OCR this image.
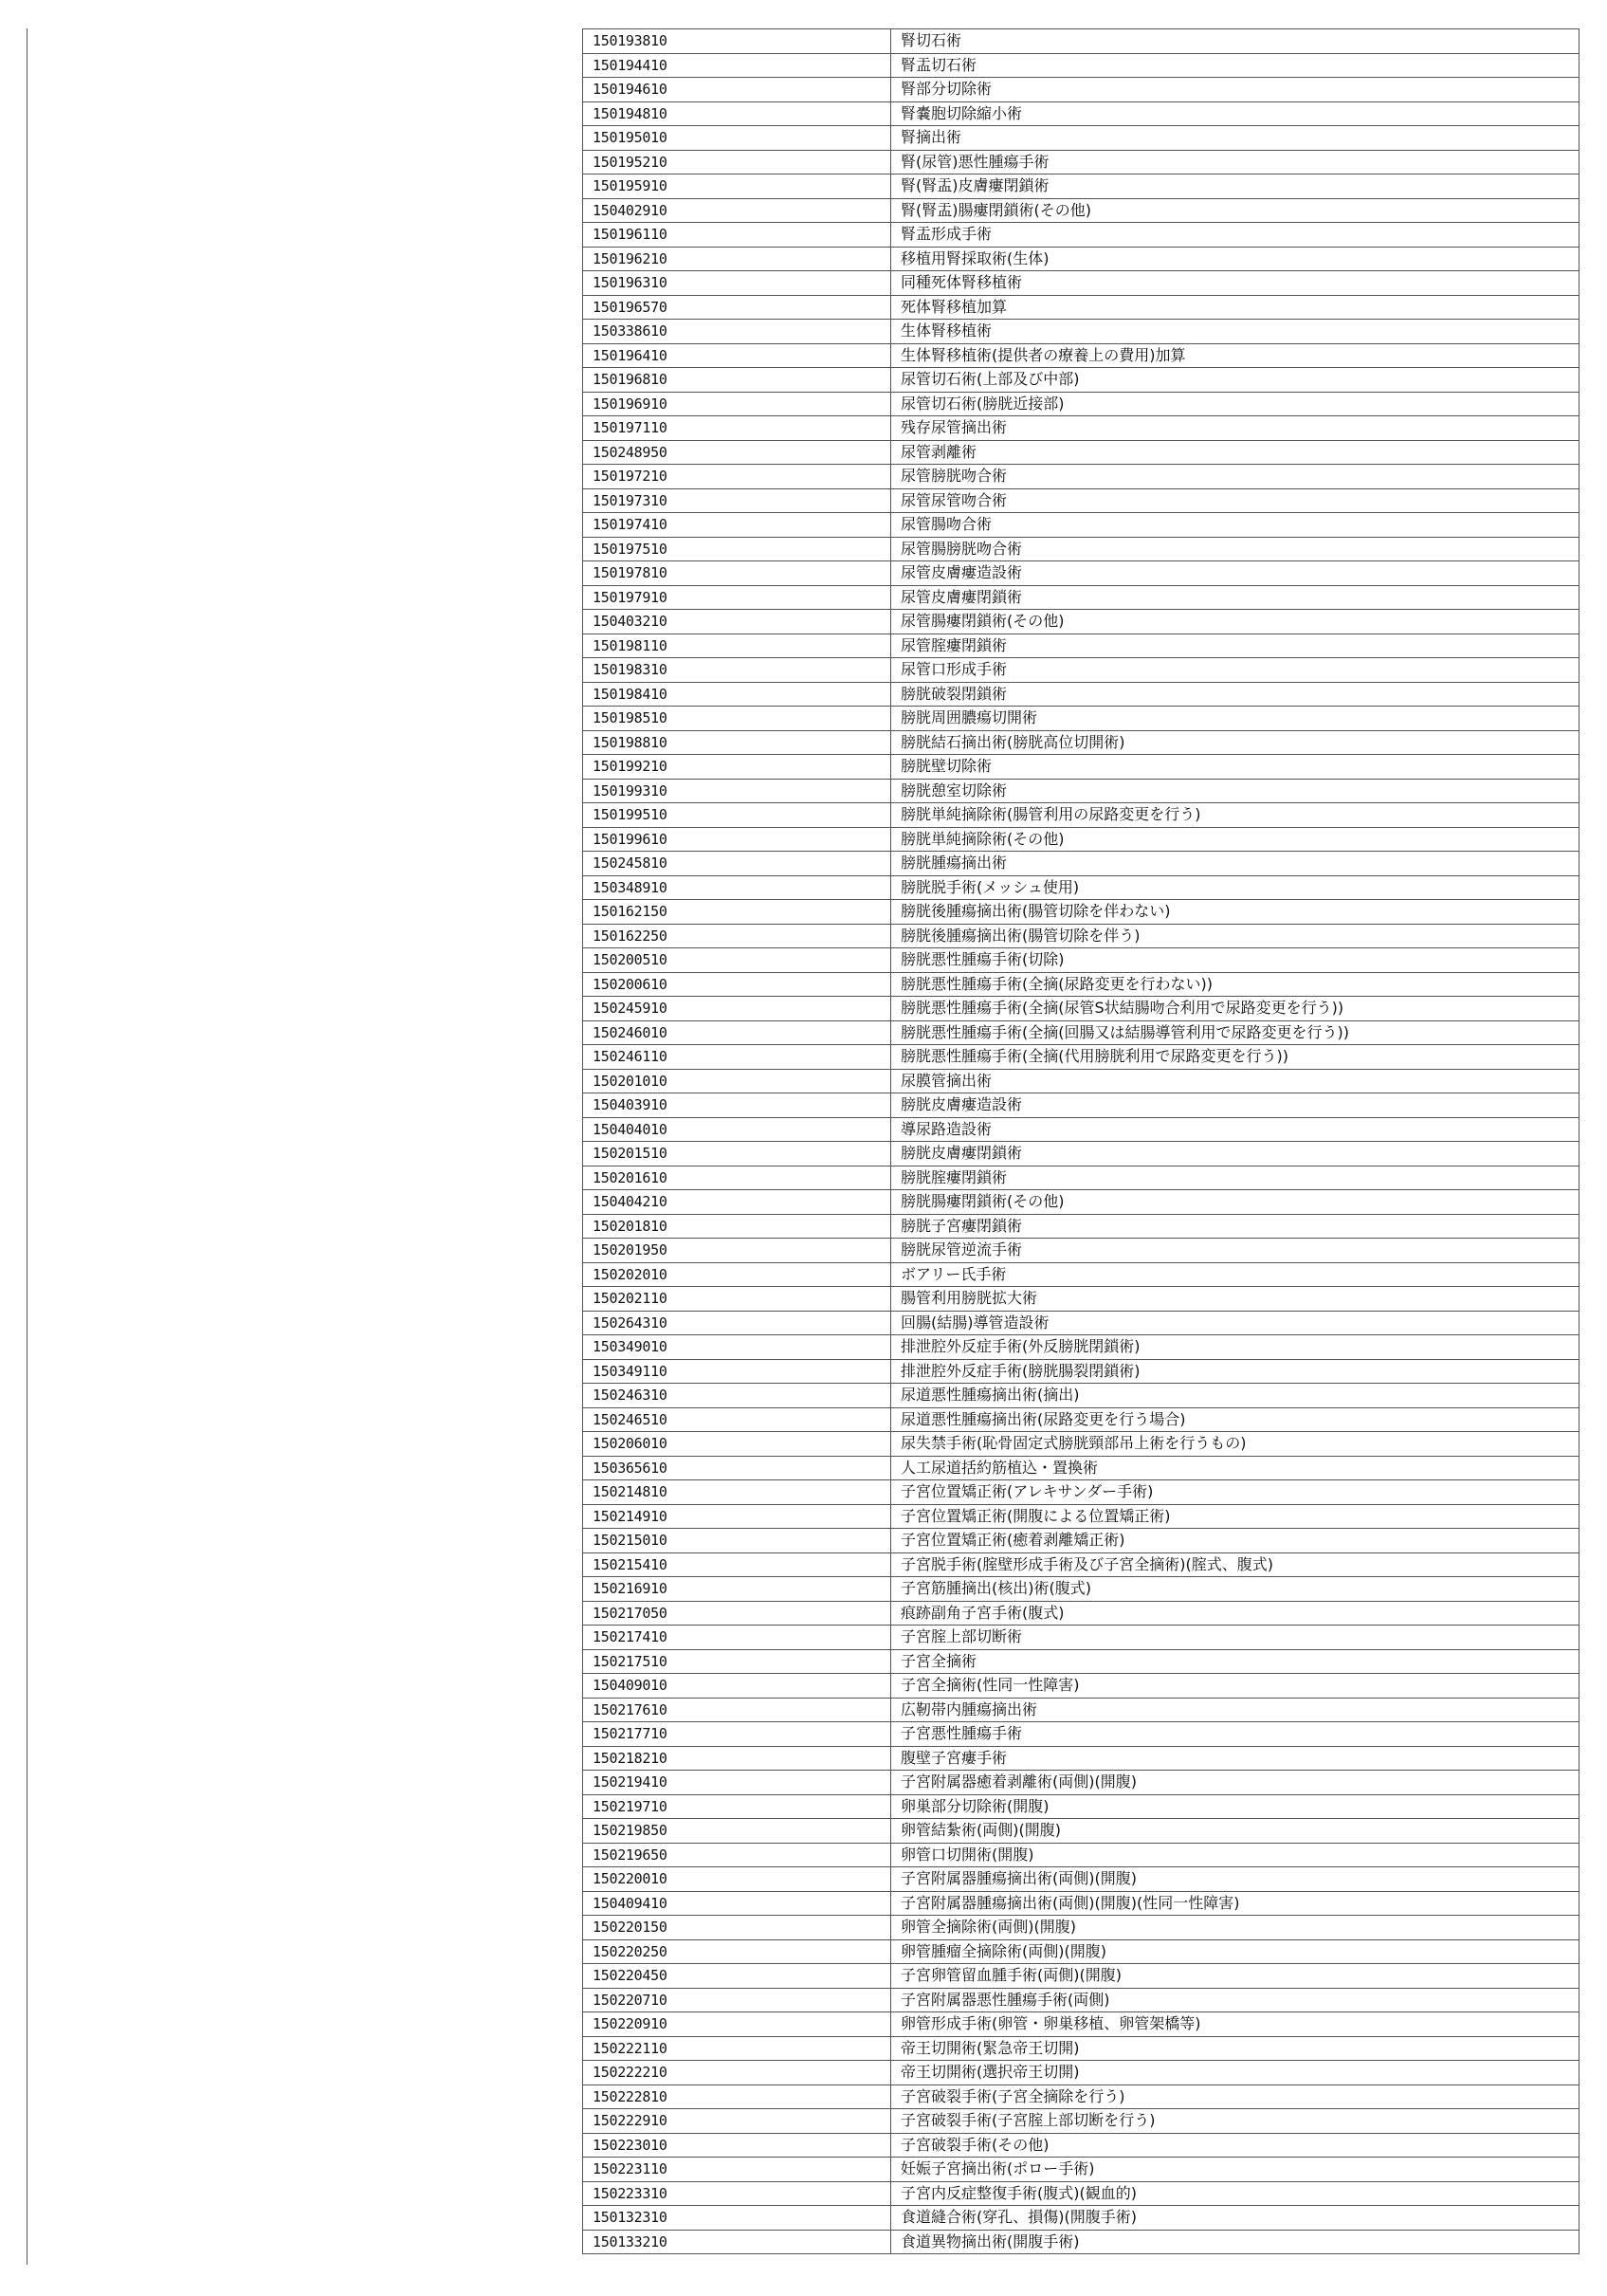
150193810	腎切石術
150194410	腎盂切石術
150194610	腎部分切除術
150194810	腎嚢胞切除縮小術
150195010	腎摘出術
150195210	腎(尿管)悪性腫瘍手術
150195910	腎(腎盂)皮膚瘻閉鎖術
150402910	腎(腎盂)腸瘻閉鎖術(その他)
150196110	腎盂形成手術
150196210	移植用腎採取術(生体)
150196310	同種死体腎移植術
150196570	死体腎移植加算
150338610	生体腎移植術
150196410	生体腎移植術(提供者の療養上の費用)加算
150196810	尿管切石術(上部及び中部)
150196910	尿管切石術(膀胱近接部)
150197110	残存尿管摘出術
150248950	尿管剥離術
150197210	尿管膀胱吻合術
150197310	尿管尿管吻合術
150197410	尿管腸吻合術
150197510	尿管腸膀胱吻合術
150197810	尿管皮膚瘻造設術
150197910	尿管皮膚瘻閉鎖術
150403210	尿管腸瘻閉鎖術(その他)
150198110	尿管腟瘻閉鎖術
150198310	尿管口形成手術
150198410	膀胱破裂閉鎖術
150198510	膀胱周囲膿瘍切開術
150198810	膀胱結石摘出術(膀胱高位切開術)
150199210	膀胱壁切除術
150199310	膀胱憩室切除術
150199510	膀胱単純摘除術(腸管利用の尿路変更を行う)
150199610	膀胱単純摘除術(その他)
150245810	膀胱腫瘍摘出術
150348910	膀胱脱手術(メッシュ使用)
150162150	膀胱後腫瘍摘出術(腸管切除を伴わない)
150162250	膀胱後腫瘍摘出術(腸管切除を伴う)
150200510	膀胱悪性腫瘍手術(切除)
150200610	膀胱悪性腫瘍手術(全摘(尿路変更を行わない))
150245910	膀胱悪性腫瘍手術(全摘(尿管S状結腸吻合利用で尿路変更を行う))
150246010	膀胱悪性腫瘍手術(全摘(回腸又は結腸導管利用で尿路変更を行う))
150246110	膀胱悪性腫瘍手術(全摘(代用膀胱利用で尿路変更を行う))
150201010	尿膜管摘出術
150403910	膀胱皮膚瘻造設術
150404010	導尿路造設術
150201510	膀胱皮膚瘻閉鎖術
150201610	膀胱腟瘻閉鎖術
150404210	膀胱腸瘻閉鎖術(その他)
150201810	膀胱子宮瘻閉鎖術
150201950	膀胱尿管逆流手術
150202010	ボアリー氏手術
150202110	腸管利用膀胱拡大術
150264310	回腸(結腸)導管造設術
150349010	排泄腔外反症手術(外反膀胱閉鎖術)
150349110	排泄腔外反症手術(膀胱腸裂閉鎖術)
150246310	尿道悪性腫瘍摘出術(摘出)
150246510	尿道悪性腫瘍摘出術(尿路変更を行う場合)
150206010	尿失禁手術(恥骨固定式膀胱頸部吊上術を行うもの)
150365610	人工尿道括約筋植込・置換術
150214810	子宮位置矯正術(アレキサンダー手術)
150214910	子宮位置矯正術(開腹による位置矯正術)
150215010	子宮位置矯正術(癒着剥離矯正術)
150215410	子宮脱手術(腟壁形成手術及び子宮全摘術)(腟式、腹式)
150216910	子宮筋腫摘出(核出)術(腹式)
150217050	痕跡副角子宮手術(腹式)
150217410	子宮腟上部切断術
150217510	子宮全摘術
150409010	子宮全摘術(性同一性障害)
150217610	広靭帯内腫瘍摘出術
150217710	子宮悪性腫瘍手術
150218210	腹壁子宮瘻手術
150219410	子宮附属器癒着剥離術(両側)(開腹)
150219710	卵巣部分切除術(開腹)
150219850	卵管結紮術(両側)(開腹)
150219650	卵管口切開術(開腹)
150220010	子宮附属器腫瘍摘出術(両側)(開腹)
150409410	子宮附属器腫瘍摘出術(両側)(開腹)(性同一性障害)
150220150	卵管全摘除術(両側)(開腹)
150220250	卵管腫瘤全摘除術(両側)(開腹)
150220450	子宮卵管留血腫手術(両側)(開腹)
150220710	子宮附属器悪性腫瘍手術(両側)
150220910	卵管形成手術(卵管・卵巣移植、卵管架橋等)
150222110	帝王切開術(緊急帝王切開)
150222210	帝王切開術(選択帝王切開)
150222810	子宮破裂手術(子宮全摘除を行う)
150222910	子宮破裂手術(子宮腟上部切断を行う)
150223010	子宮破裂手術(その他)
150223110	妊娠子宮摘出術(ポロー手術)
150223310	子宮内反症整復手術(腹式)(観血的)
150132310	食道縫合術(穿孔、損傷)(開腹手術)
150133210	食道異物摘出術(開腹手術)
